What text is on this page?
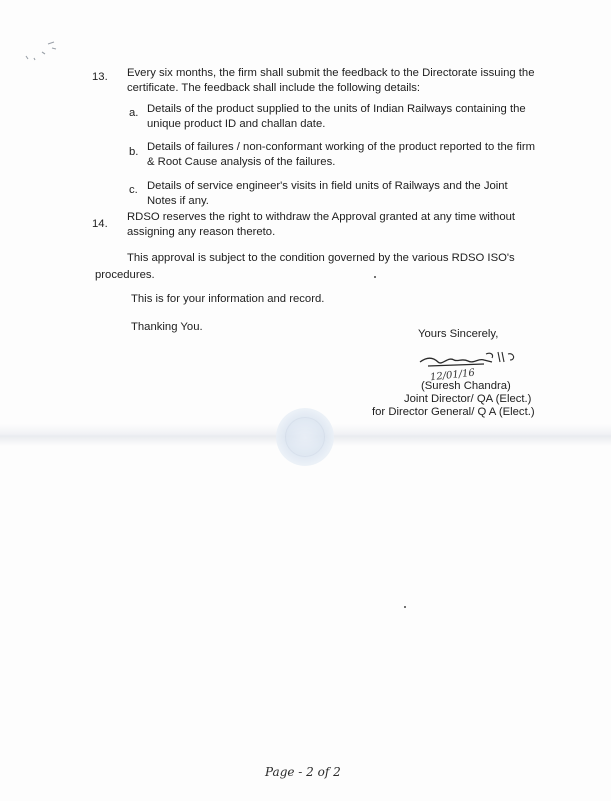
13. Every six months, the firm shall submit the feedback to the Directorate issuing the
certificate. The feedback shall include the following details:
a. Details of the product supplied to the units of Indian Railways containing the
unique product ID and challan date.
b. Details of failures / non-conformant working of the product reported to the firm
& Root Cause analysis of the failures.
c. Details of service engineer's visits in field units of Railways and the Joint
Notes if any.
14.
RDSO reserves the right to withdraw the Approval granted at any time without
assigning any reason thereto.
This approval is subject to the condition governed by the various RDSO ISO's
procedures.
This is for your information and record.
Thanking You.
Yours Sincerely,
12/01/16
(Suresh Chandra)
Joint Director/ QA (Elect.)
for Director General/ Q A (Elect.)
Page - 2 of 2
